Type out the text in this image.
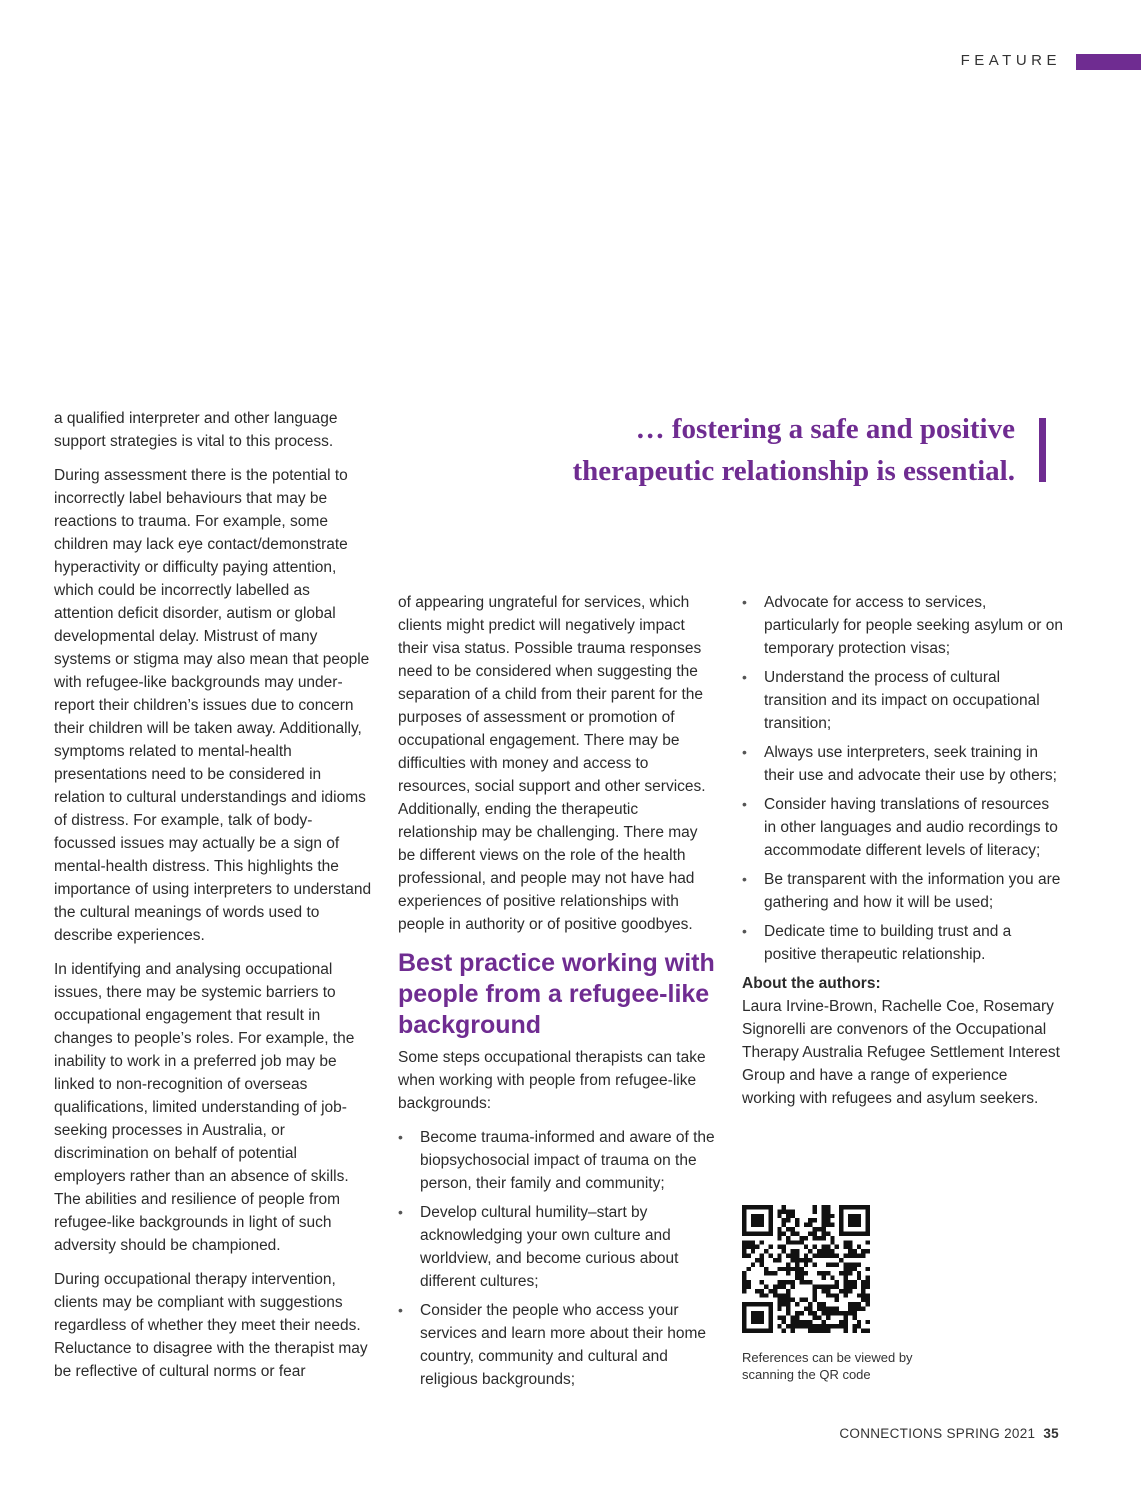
FEATURE
… fostering a safe and positive
therapeutic relationship is essential.

a qualified interpreter and other language support strategies is vital to this process.

During assessment there is the potential to incorrectly label behaviours that may be reactions to trauma. For example, some children may lack eye contact/demonstrate hyperactivity or difficulty paying attention, which could be incorrectly labelled as attention deficit disorder, autism or global developmental delay. Mistrust of many systems or stigma may also mean that people with refugee-like backgrounds may under-report their children’s issues due to concern their children will be taken away. Additionally, symptoms related to mental-health presentations need to be considered in relation to cultural understandings and idioms of distress. For example, talk of body-focussed issues may actually be a sign of mental-health distress. This highlights the importance of using interpreters to understand the cultural meanings of words used to describe experiences.

In identifying and analysing occupational issues, there may be systemic barriers to occupational engagement that result in changes to people’s roles. For example, the inability to work in a preferred job may be linked to non-recognition of overseas qualifications, limited understanding of job-seeking processes in Australia, or discrimination on behalf of potential employers rather than an absence of skills. The abilities and resilience of people from refugee-like backgrounds in light of such adversity should be championed.

During occupational therapy intervention, clients may be compliant with suggestions regardless of whether they meet their needs. Reluctance to disagree with the therapist may be reflective of cultural norms or fear

of appearing ungrateful for services, which clients might predict will negatively impact their visa status. Possible trauma responses need to be considered when suggesting the separation of a child from their parent for the purposes of assessment or promotion of occupational engagement. There may be difficulties with money and access to resources, social support and other services. Additionally, ending the therapeutic relationship may be challenging. There may be different views on the role of the health professional, and people may not have had experiences of positive relationships with people in authority or of positive goodbyes.

Best practice working with people from a refugee-like background

Some steps occupational therapists can take when working with people from refugee-like backgrounds:

• Become trauma-informed and aware of the biopsychosocial impact of trauma on the person, their family and community;
• Develop cultural humility–start by acknowledging your own culture and worldview, and become curious about different cultures;
• Consider the people who access your services and learn more about their home country, community and cultural and religious backgrounds;
• Advocate for access to services, particularly for people seeking asylum or on temporary protection visas;
• Understand the process of cultural transition and its impact on occupational transition;
• Always use interpreters, seek training in their use and advocate their use by others;
• Consider having translations of resources in other languages and audio recordings to accommodate different levels of literacy;
• Be transparent with the information you are gathering and how it will be used;
• Dedicate time to building trust and a positive therapeutic relationship.
About the authors:
Laura Irvine-Brown, Rachelle Coe, Rosemary Signorelli are convenors of the Occupational Therapy Australia Refugee Settlement Interest Group and have a range of experience working with refugees and asylum seekers.
References can be viewed by scanning the QR code
CONNECTIONS SPRING 2021 35
